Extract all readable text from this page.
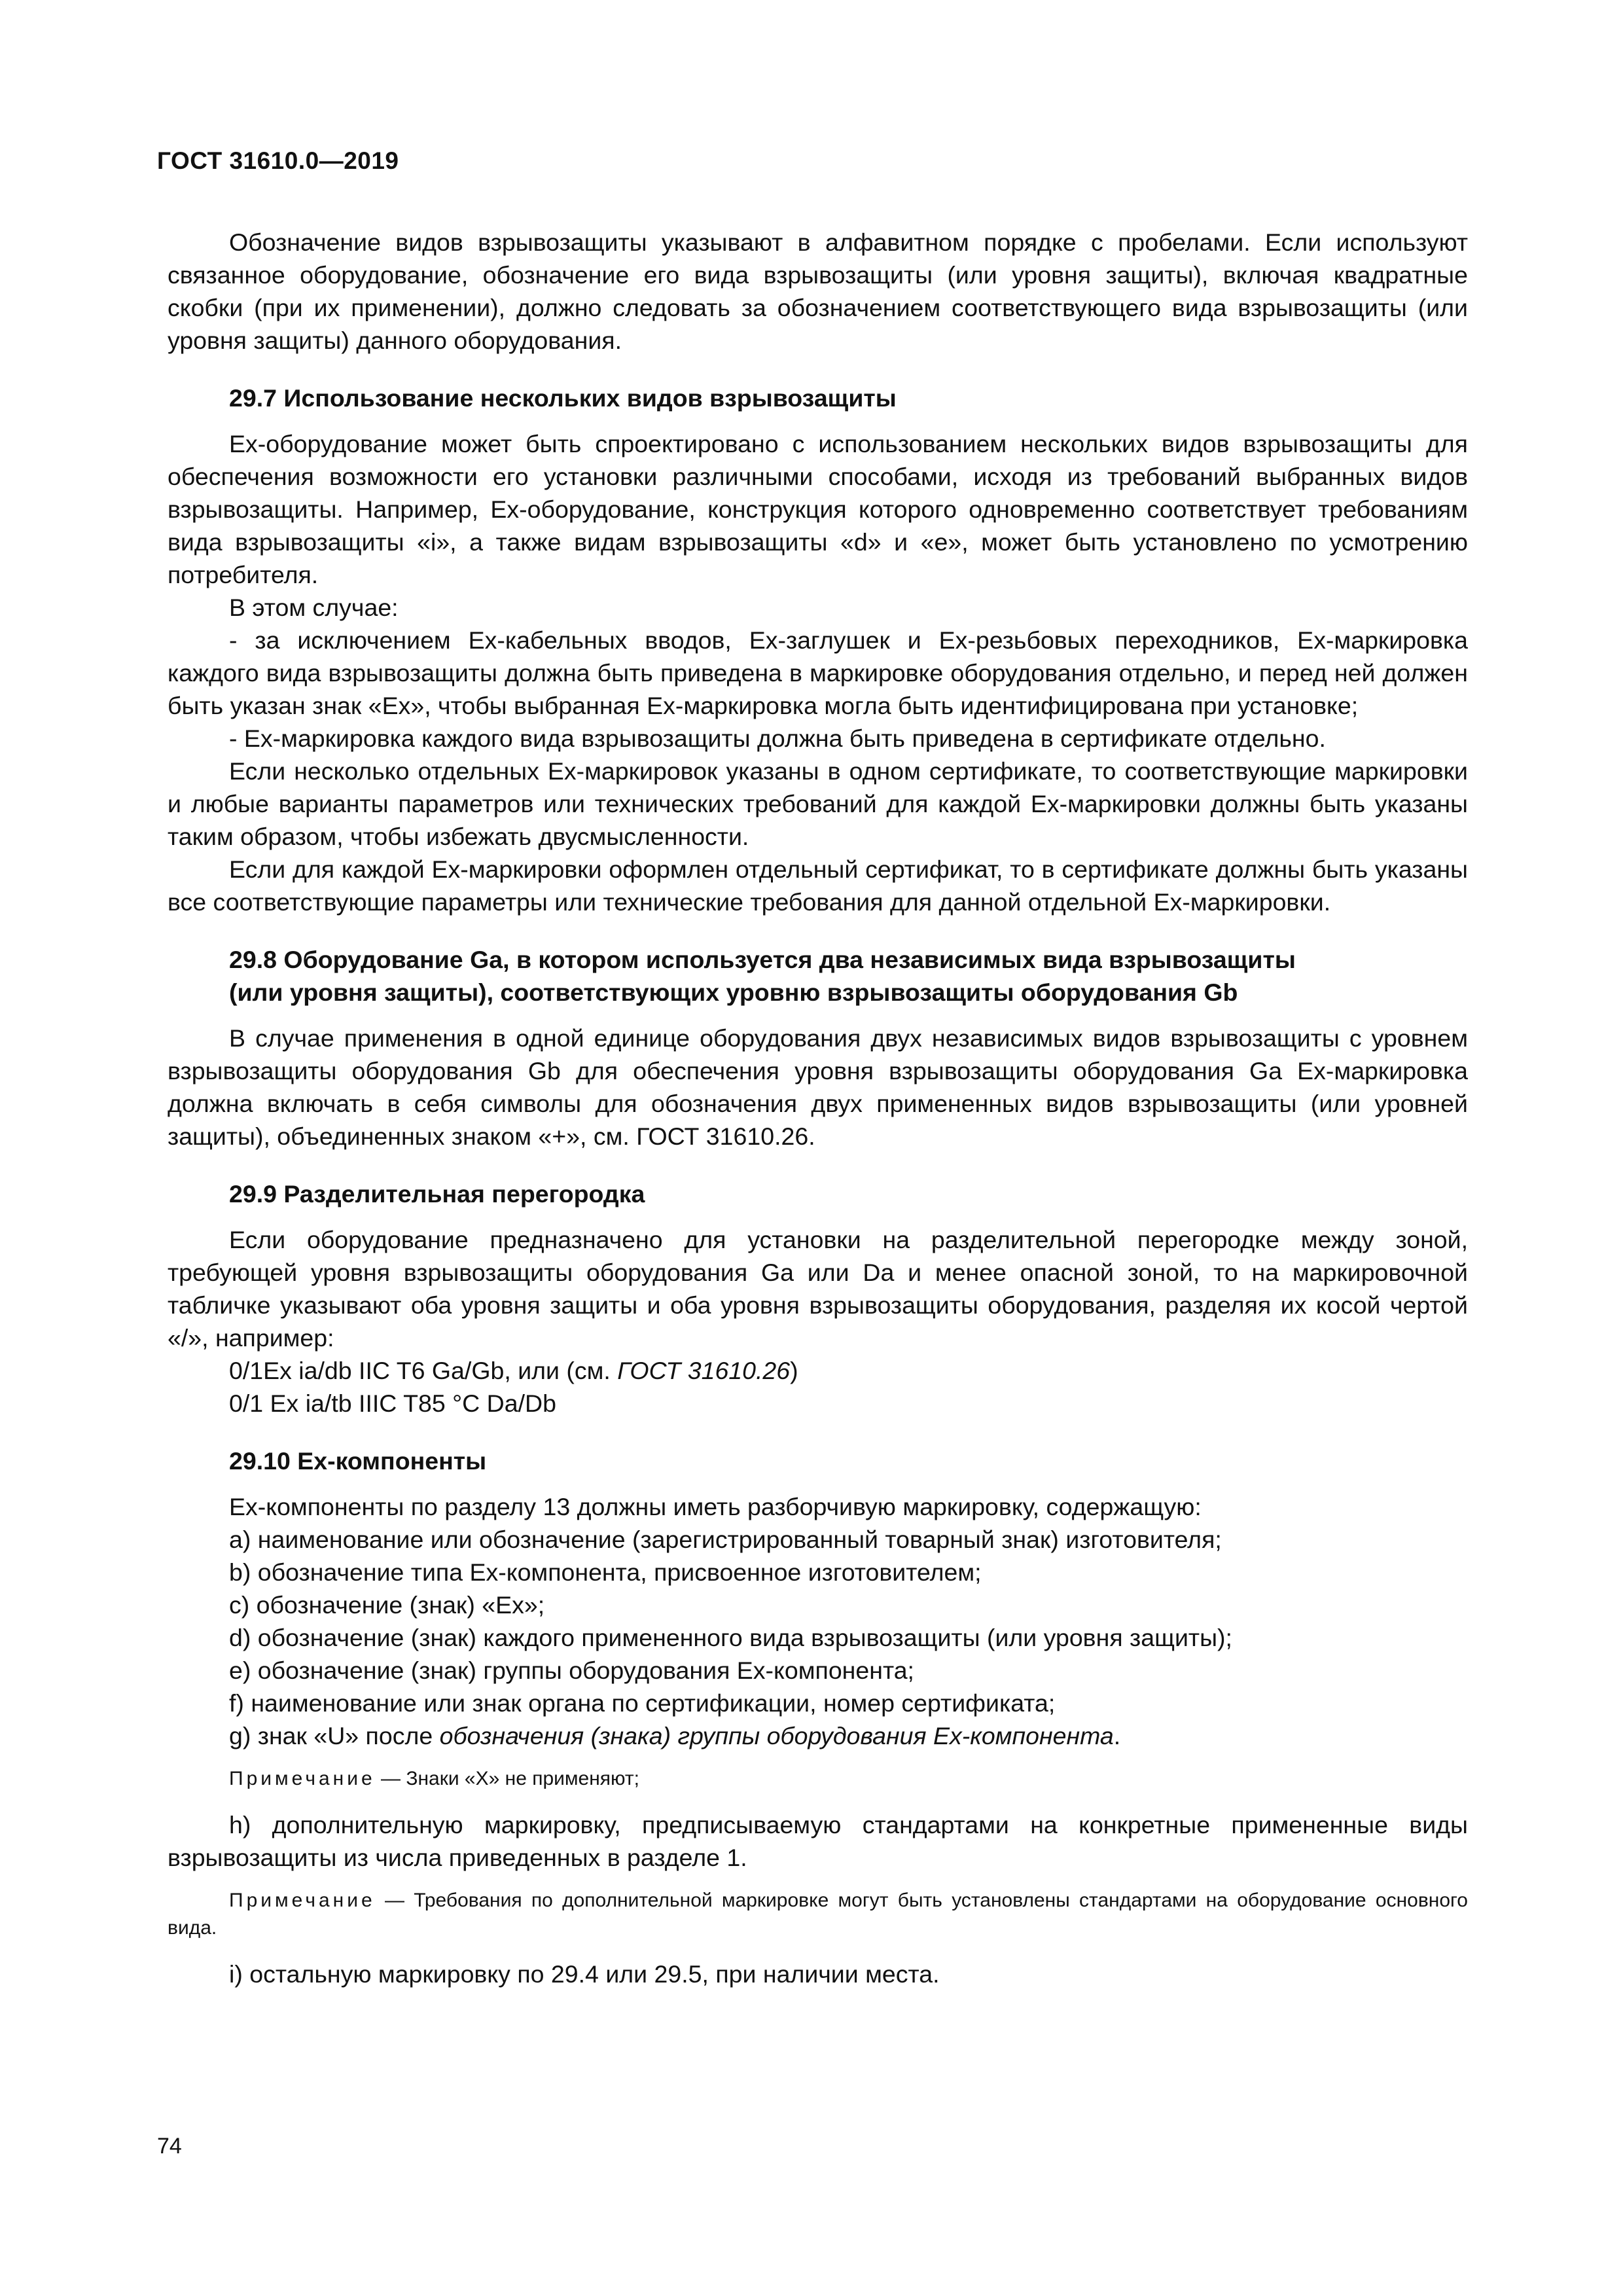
ГОСТ 31610.0—2019

Обозначение видов взрывозащиты указывают в алфавитном порядке с пробелами. Если используют связанное оборудование, обозначение его вида взрывозащиты (или уровня защиты), включая квадратные скобки (при их применении), должно следовать за обозначением соответствующего вида взрывозащиты (или уровня защиты) данного оборудования.

29.7 Использование нескольких видов взрывозащиты

Ex-оборудование может быть спроектировано с использованием нескольких видов взрывозащиты для обеспечения возможности его установки различными способами, исходя из требований выбранных видов взрывозащиты. Например, Ex-оборудование, конструкция которого одновременно соответствует требованиям вида взрывозащиты «i», а также видам взрывозащиты «d» и «e», может быть установлено по усмотрению потребителя.

В этом случае:

- за исключением Ex-кабельных вводов, Ex-заглушек и Ex-резьбовых переходников, Ex-маркировка каждого вида взрывозащиты должна быть приведена в маркировке оборудования отдельно, и перед ней должен быть указан знак «Ex», чтобы выбранная Ex-маркировка могла быть идентифицирована при установке;

- Ex-маркировка каждого вида взрывозащиты должна быть приведена в сертификате отдельно.

Если несколько отдельных Ex-маркировок указаны в одном сертификате, то соответствующие маркировки и любые варианты параметров или технических требований для каждой Ex-маркировки должны быть указаны таким образом, чтобы избежать двусмысленности.

Если для каждой Ex-маркировки оформлен отдельный сертификат, то в сертификате должны быть указаны все соответствующие параметры или технические требования для данной отдельной Ex-маркировки.

29.8 Оборудование Ga, в котором используется два независимых вида взрывозащиты
(или уровня защиты), соответствующих уровню взрывозащиты оборудования Gb

В случае применения в одной единице оборудования двух независимых видов взрывозащиты с уровнем взрывозащиты оборудования Gb для обеспечения уровня взрывозащиты оборудования Ga Ex-маркировка должна включать в себя символы для обозначения двух примененных видов взрывозащиты (или уровней защиты), объединенных знаком «+», см. ГОСТ 31610.26.

29.9 Разделительная перегородка

Если оборудование предназначено для установки на разделительной перегородке между зоной, требующей уровня взрывозащиты оборудования Ga или Da и менее опасной зоной, то на маркировочной табличке указывают оба уровня защиты и оба уровня взрывозащиты оборудования, разделяя их косой чертой «/», например:

0/1Ex ia/db IIC T6 Ga/Gb, или (см. ГОСТ 31610.26)

0/1 Ex ia/tb IIIC T85 °C Da/Db

29.10 Ex-компоненты

Ex-компоненты по разделу 13 должны иметь разборчивую маркировку, содержащую:

a) наименование или обозначение (зарегистрированный товарный знак) изготовителя;

b) обозначение типа Ex-компонента, присвоенное изготовителем;

c) обозначение (знак) «Ex»;

d) обозначение (знак) каждого примененного вида взрывозащиты (или уровня защиты);

e) обозначение (знак) группы оборудования Ex-компонента;

f) наименование или знак органа по сертификации, номер сертификата;

g) знак «U» после обозначения (знака) группы оборудования Ex-компонента.

Примечание — Знаки «X» не применяют;

h) дополнительную маркировку, предписываемую стандартами на конкретные примененные виды взрывозащиты из числа приведенных в разделе 1.

Примечание — Требования по дополнительной маркировке могут быть установлены стандартами на оборудование основного вида.

i) остальную маркировку по 29.4 или 29.5, при наличии места.

74
